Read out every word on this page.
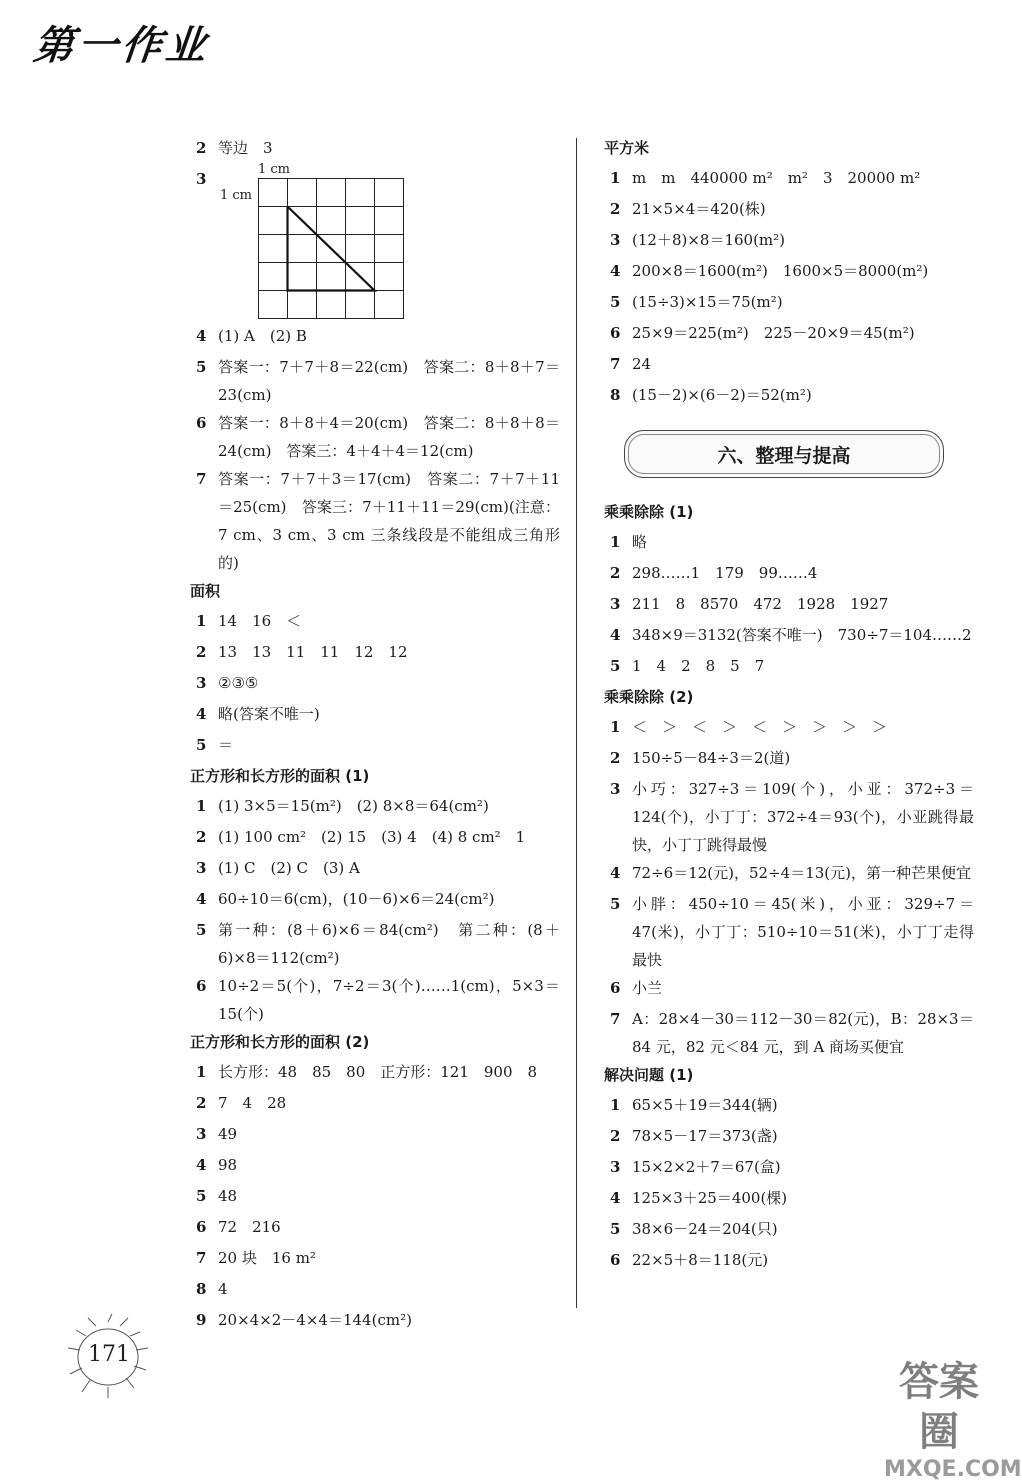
第一作业
2 等边　3
3
1 cm
1 cm
4 (1) A　(2) B
5 答案一：7＋7＋8＝22(cm)　答案二：8＋8＋7＝23(cm)
6 答案一：8＋8＋4＝20(cm)　答案二：8＋8＋8＝24(cm)　答案三：4＋4＋4＝12(cm)
7 答案一：7＋7＋3＝17(cm)　答案二：7＋7＋11＝25(cm)　答案三：7＋11＋11＝29(cm)(注意：7 cm、3 cm、3 cm 三条线段是不能组成三角形的)
面积
1 14　16　＜
2 13　13　11　11　12　12
3 ②③⑤
4 略(答案不唯一)
5 ＝
正方形和长方形的面积 (1)
1 (1) 3×5＝15(m²)　(2) 8×8＝64(cm²)
2 (1) 100 cm²　(2) 15　(3) 4　(4) 8 cm²　1
3 (1) C　(2) C　(3) A
4 60÷10＝6(cm)，(10－6)×6＝24(cm²)
5 第一种：(8＋6)×6＝84(cm²)　第二种：(8＋6)×8＝112(cm²)
6 10÷2＝5(个)，7÷2＝3(个)……1(cm)，5×3＝15(个)
正方形和长方形的面积 (2)
1 长方形：48　85　80　正方形：121　900　8
2 7　4　28
3 49
4 98
5 48
6 72　216
7 20 块　16 m²
8 4
9 20×4×2－4×4＝144(cm²)
平方米
1 m　m　440000 m²　m²　3　20000 m²
2 21×5×4＝420(株)
3 (12＋8)×8＝160(m²)
4 200×8＝1600(m²)　1600×5＝8000(m²)
5 (15÷3)×15＝75(m²)
6 25×9＝225(m²)　225－20×9＝45(m²)
7 24
8 (15－2)×(6－2)＝52(m²)
六、整理与提高
乘乘除除 (1)
1 略
2 298……1　179　99……4
3 211　8　8570　472　1928　1927
4 348×9＝3132(答案不唯一)　730÷7＝104……2
5 1　4　2　8　5　7
乘乘除除 (2)
1 ＜　＞　＜　＞　＜　＞　＞　＞　＞
2 150÷5－84÷3＝2(道)
3 小巧：327÷3＝109(个)，小亚：372÷3＝124(个)，小丁丁：372÷4＝93(个)，小亚跳得最快，小丁丁跳得最慢
4 72÷6＝12(元)，52÷4＝13(元)，第一种芒果便宜
5 小胖：450÷10＝45(米)，小亚：329÷7＝47(米)，小丁丁：510÷10＝51(米)，小丁丁走得最快
6 小兰
7 A：28×4－30＝112－30＝82(元)，B：28×3＝84 元，82 元＜84 元，到 A 商场买便宜
解决问题 (1)
1 65×5＋19＝344(辆)
2 78×5－17＝373(盏)
3 15×2×2＋7＝67(盒)
4 125×3＋25＝400(棵)
5 38×6－24＝204(只)
6 22×5＋8＝118(元)
171
答案圈
MXQE.COM
